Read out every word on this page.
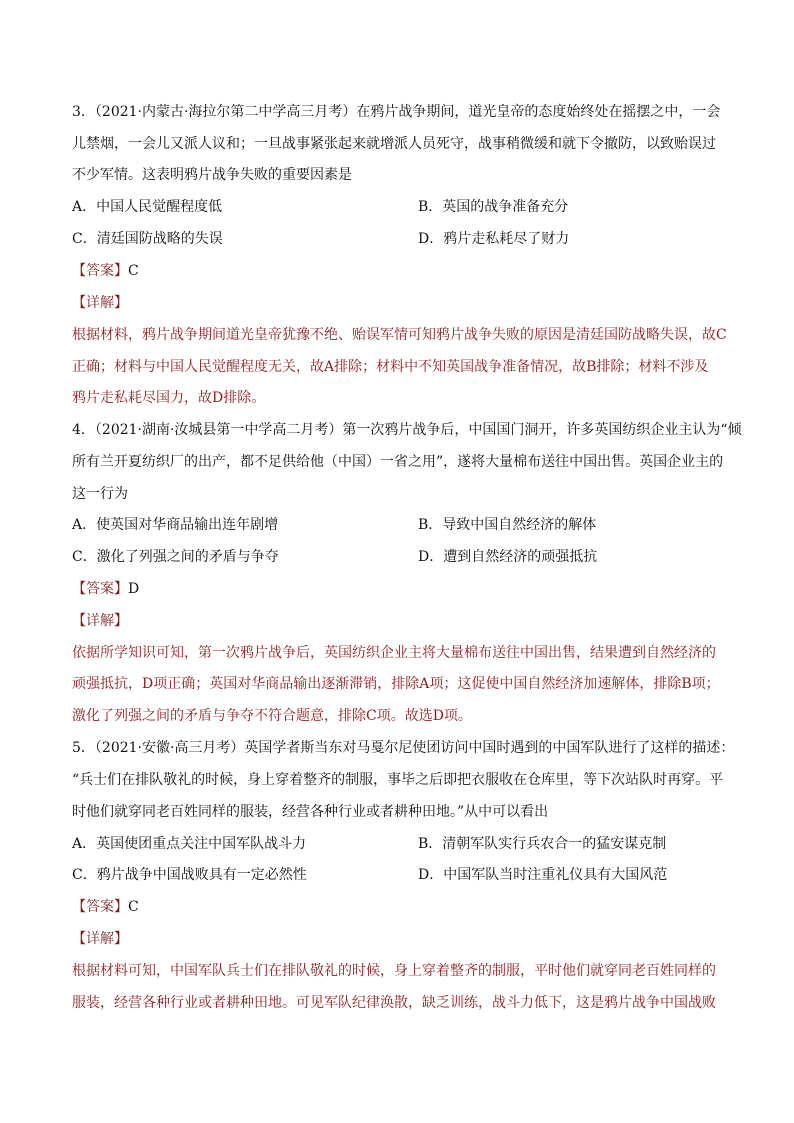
3．（2021·内蒙古·海拉尔第二中学高三月考）在鸦片战争期间，道光皇帝的态度始终处在摇摆之中，一会
儿禁烟，一会儿又派人议和；一旦战事紧张起来就增派人员死守，战事稍微缓和就下令撤防，以致贻误过
不少军情。这表明鸦片战争失败的重要因素是
A．中国人民觉醒程度低	B．英国的战争准备充分
C．清廷国防战略的失误	D．鸦片走私耗尽了财力
【答案】C
【详解】
根据材料，鸦片战争期间道光皇帝犹豫不绝、贻误军情可知鸦片战争失败的原因是清廷国防战略失误，故C
正确；材料与中国人民觉醒程度无关，故A排除；材料中不知英国战争准备情况，故B排除；材料不涉及
鸦片走私耗尽国力，故D排除。
4．（2021·湖南·汝城县第一中学高二月考）第一次鸦片战争后，中国国门洞开，许多英国纺织企业主认为“倾
所有兰开夏纺织厂的出产，都不足供给他（中国）一省之用”，遂将大量棉布送往中国出售。英国企业主的
这一行为
A．使英国对华商品输出连年剧增	B．导致中国自然经济的解体
C．激化了列强之间的矛盾与争夺	D．遭到自然经济的顽强抵抗
【答案】D
【详解】
依据所学知识可知，第一次鸦片战争后，英国纺织企业主将大量棉布送往中国出售，结果遭到自然经济的
顽强抵抗，D项正确；英国对华商品输出逐渐滞销，排除A项；这促使中国自然经济加速解体，排除B项；
激化了列强之间的矛盾与争夺不符合题意，排除C项。故选D项。
5．（2021·安徽·高三月考）英国学者斯当东对马戛尔尼使团访问中国时遇到的中国军队进行了这样的描述：
“兵士们在排队敬礼的时候，身上穿着整齐的制服，事毕之后即把衣服收在仓库里，等下次站队时再穿。平
时他们就穿同老百姓同样的服装，经营各种行业或者耕种田地。”从中可以看出
A．英国使团重点关注中国军队战斗力	B．清朝军队实行兵农合一的猛安谋克制
C．鸦片战争中国战败具有一定必然性	D．中国军队当时注重礼仪具有大国风范
【答案】C
【详解】
根据材料可知，中国军队兵士们在排队敬礼的时候，身上穿着整齐的制服，平时他们就穿同老百姓同样的
服装，经营各种行业或者耕种田地。可见军队纪律涣散，缺乏训练，战斗力低下，这是鸦片战争中国战败
